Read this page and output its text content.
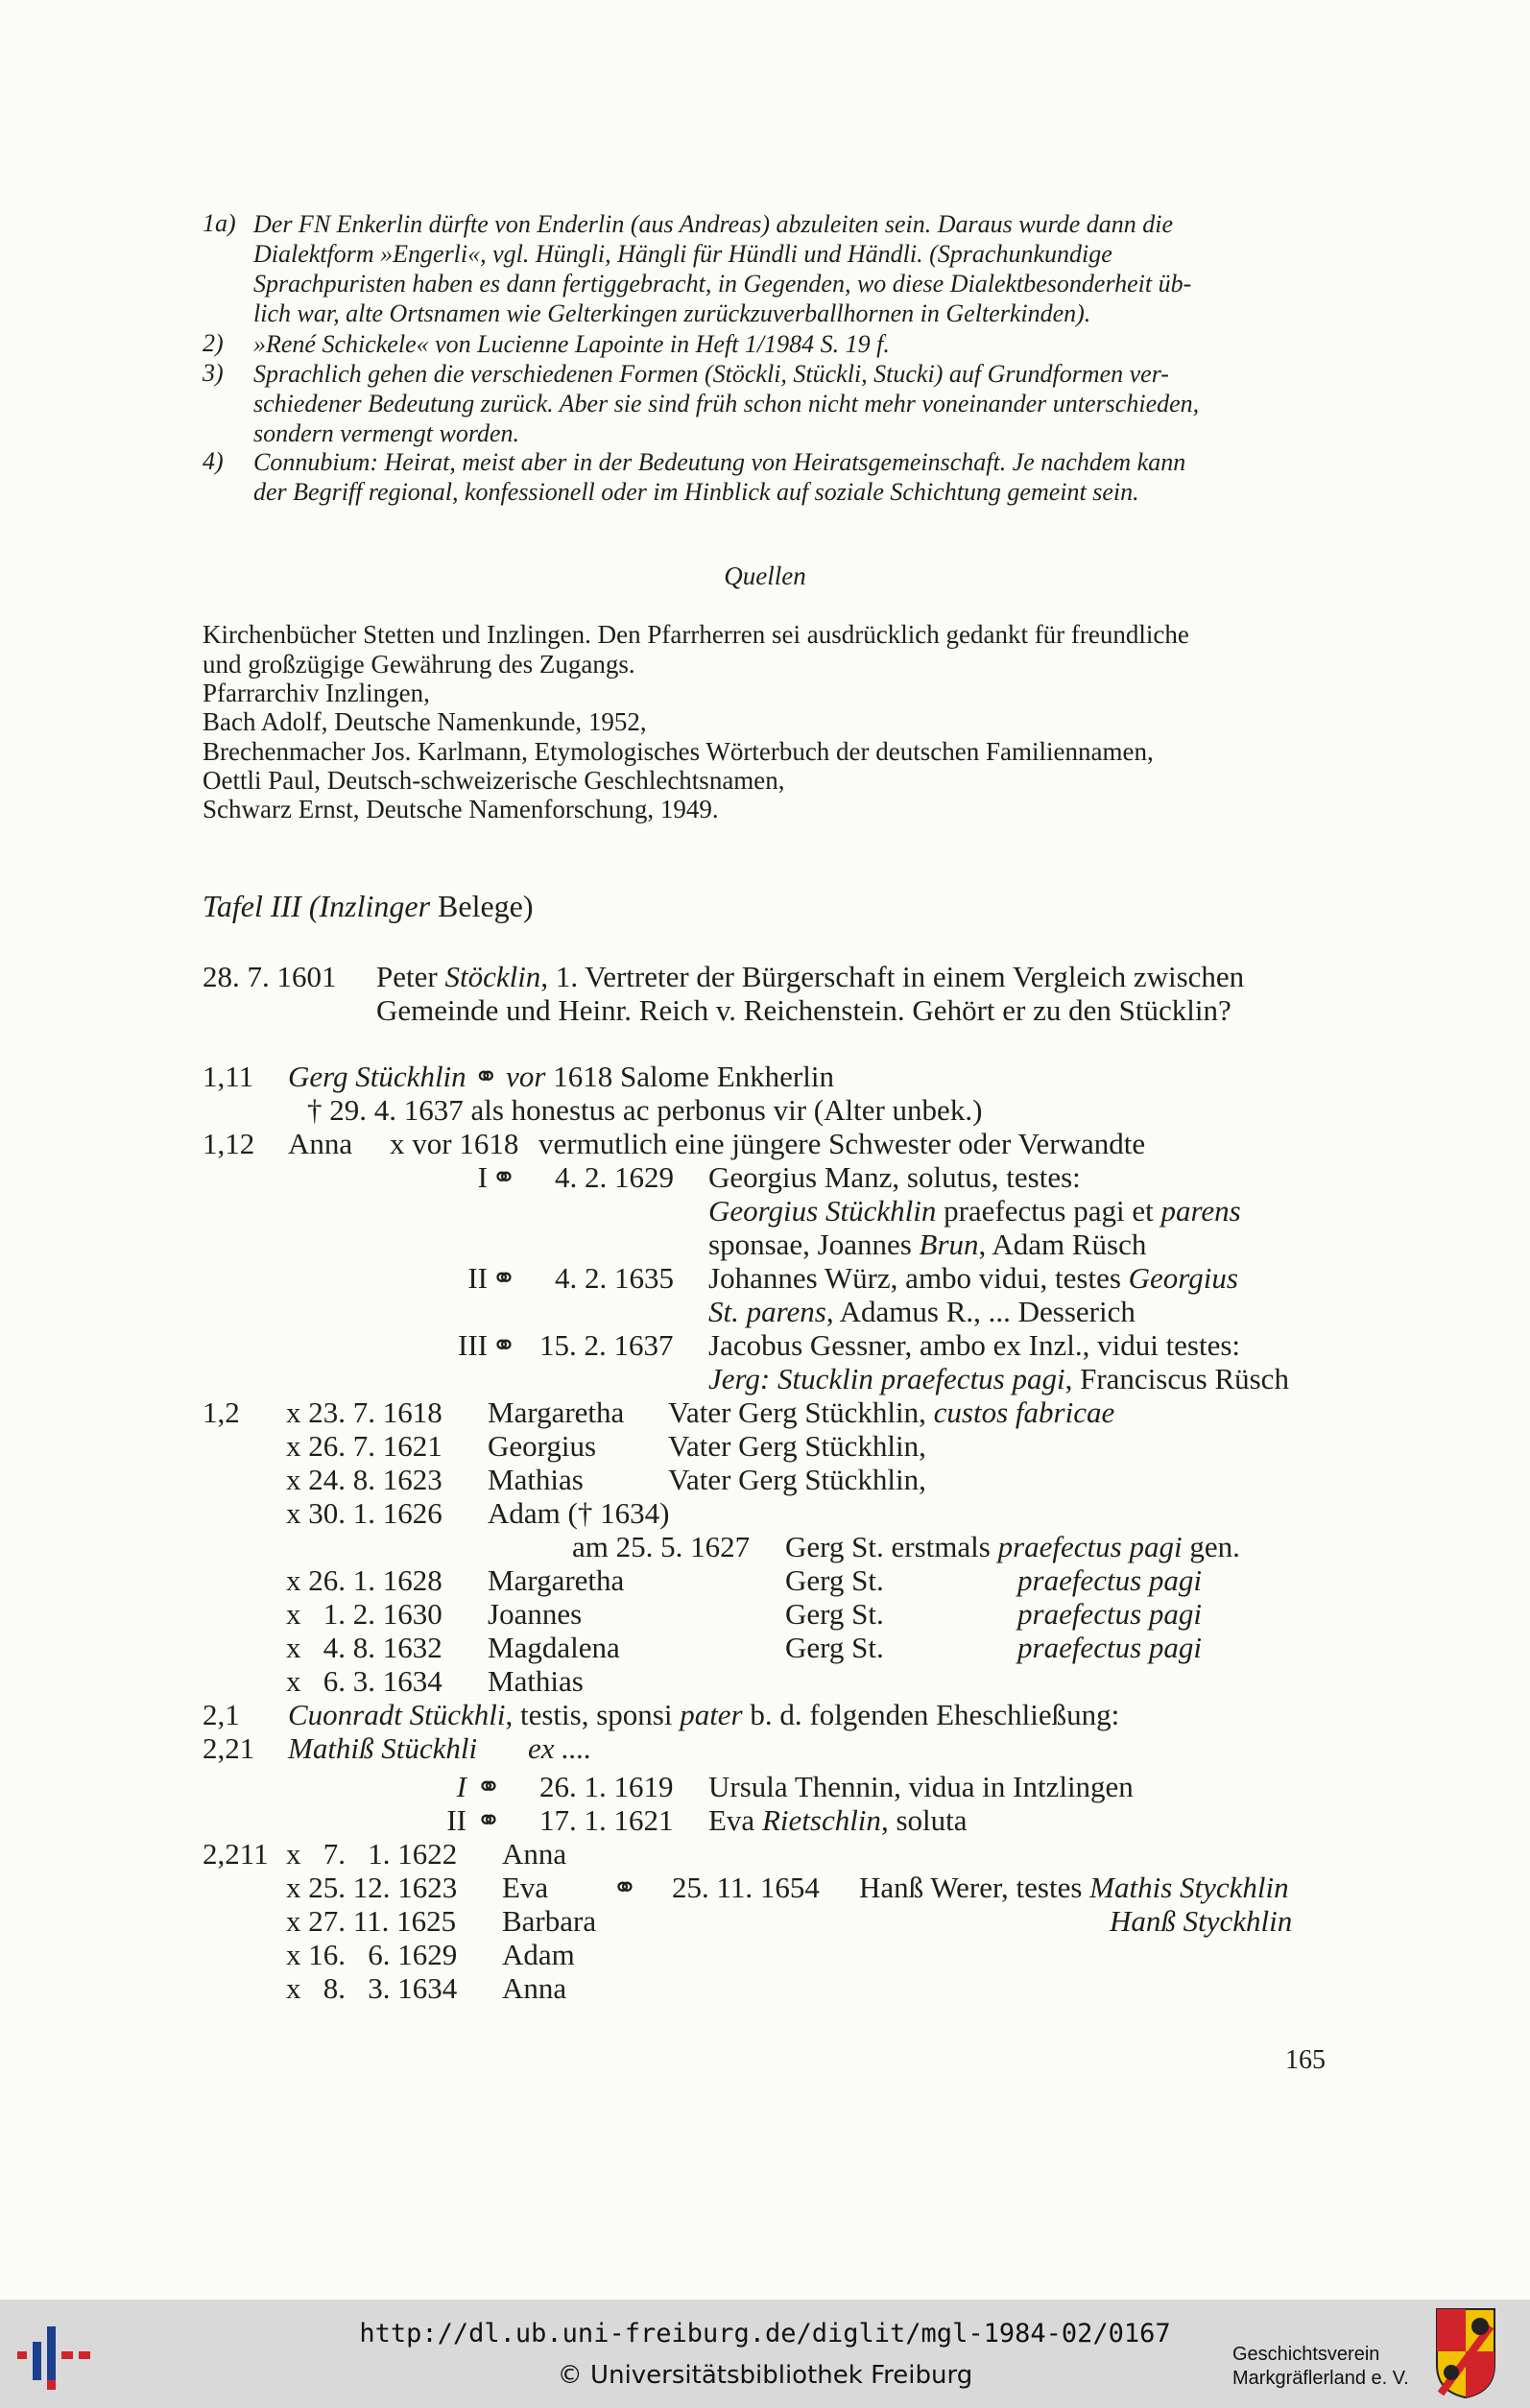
1a) Der FN Enkerlin dürfte von Enderlin (aus Andreas) abzuleiten sein. Daraus wurde dann die
Dialektform »Engerli«, vgl. Hüngli, Hängli für Hündli und Händli. (Sprachunkundige
Sprachpuristen haben es dann fertiggebracht, in Gegenden, wo diese Dialektbesonderheit üb-
lich war, alte Ortsnamen wie Gelterkingen zurückzuverballhornen in Gelterkinden).
2) »René Schickele« von Lucienne Lapointe in Heft 1/1984 S. 19 f.
3) Sprachlich gehen die verschiedenen Formen (Stöckli, Stückli, Stucki) auf Grundformen ver-
schiedener Bedeutung zurück. Aber sie sind früh schon nicht mehr voneinander unterschieden,
sondern vermengt worden.
4) Connubium: Heirat, meist aber in der Bedeutung von Heiratsgemeinschaft. Je nachdem kann
der Begriff regional, konfessionell oder im Hinblick auf soziale Schichtung gemeint sein.
Quellen
Kirchenbücher Stetten und Inzlingen. Den Pfarrherren sei ausdrücklich gedankt für freundliche
und großzügige Gewährung des Zugangs.
Pfarrarchiv Inzlingen,
Bach Adolf, Deutsche Namenkunde, 1952,
Brechenmacher Jos. Karlmann, Etymologisches Wörterbuch der deutschen Familiennamen,
Oettli Paul, Deutsch-schweizerische Geschlechtsnamen,
Schwarz Ernst, Deutsche Namenforschung, 1949.
Tafel III (Inzlinger Belege)
28. 7. 1601 Peter Stöcklin, 1. Vertreter der Bürgerschaft in einem Vergleich zwischen
Gemeinde und Heinr. Reich v. Reichenstein. Gehört er zu den Stücklin?
1,11 Gerg Stückhlin ⚭ vor 1618 Salome Enkherlin
† 29. 4. 1637 als honestus ac perbonus vir (Alter unbek.)
1,12 Anna x vor 1618 vermutlich eine jüngere Schwester oder Verwandte
I ⚭ 4. 2. 1629 Georgius Manz, solutus, testes:
Georgius Stückhlin praefectus pagi et parens
sponsae, Joannes Brun, Adam Rüsch
II ⚭ 4. 2. 1635 Johannes Würz, ambo vidui, testes Georgius
St. parens, Adamus R., ... Desserich
III ⚭ 15. 2. 1637 Jacobus Gessner, ambo ex Inzl., vidui testes:
Jerg: Stucklin praefectus pagi, Franciscus Rüsch
1,2 x 23. 7. 1618 Margaretha Vater Gerg Stückhlin, custos fabricae
x 26. 7. 1621 Georgius Vater Gerg Stückhlin,
x 24. 8. 1623 Mathias	Vater Gerg Stückhlin,
x 30. 1. 1626 Adam († 1634)
am 25. 5. 1627 Gerg St. erstmals praefectus pagi gen.
x 26. 1. 1628 Margaretha	Gerg St.	praefectus pagi
x   1. 2. 1630 Joannes	Gerg St.	praefectus pagi
x   4. 8. 1632 Magdalena	Gerg St.	praefectus pagi
x   6. 3. 1634 Mathias
2,1 Cuonradt Stückhli, testis, sponsi pater b. d. folgenden Eheschließung:
2,21 Mathiß Stückhli ex ....
I ⚭ 26. 1. 1619 Ursula Thennin, vidua in Intzlingen
II ⚭ 17. 1. 1621 Eva Rietschlin, soluta
2,211 x   7.   1. 1622 Anna
x 25. 12. 1623 Eva ⚭ 25. 11. 1654 Hanß Werer, testes Mathis Styckhlin
x 27. 11. 1625 Barbara	Hanß Styckhlin
x 16.   6. 1629 Adam
x   8.   3. 1634 Anna
165
http://dl.ub.uni-freiburg.de/diglit/mgl-1984-02/0167
© Universitätsbibliothek Freiburg
Geschichtsverein
Markgräflerland e. V.
